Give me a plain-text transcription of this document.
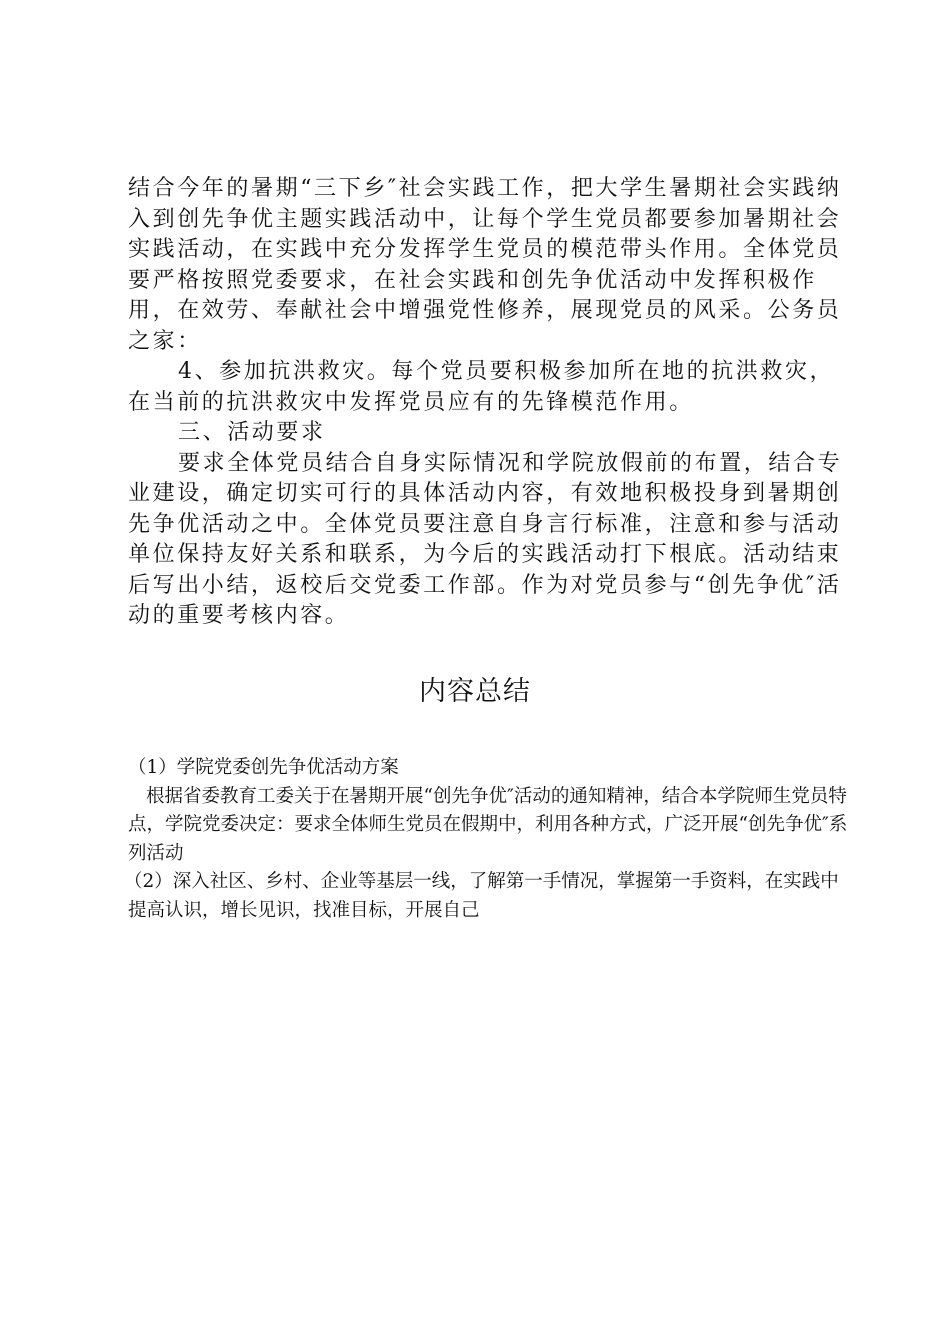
结合今年的暑期“三下乡″社会实践工作，把大学生暑期社会实践纳入到创先争优主题实践活动中，让每个学生党员都要参加暑期社会实践活动，在实践中充分发挥学生党员的模范带头作用。全体党员要严格按照党委要求，在社会实践和创先争优活动中发挥积极作用，在效劳、奉献社会中增强党性修养，展现党员的风采。公务员之家：

4、参加抗洪救灾。每个党员要积极参加所在地的抗洪救灾，在当前的抗洪救灾中发挥党员应有的先锋模范作用。

三、活动要求

要求全体党员结合自身实际情况和学院放假前的布置，结合专业建设，确定切实可行的具体活动内容，有效地积极投身到暑期创先争优活动之中。全体党员要注意自身言行标准，注意和参与活动单位保持友好关系和联系，为今后的实践活动打下根底。活动结束后写出小结，返校后交党委工作部。作为对党员参与“创先争优″活动的重要考核内容。

内容总结

（1）学院党委创先争优活动方案

根据省委教育工委关于在暑期开展“创先争优″活动的通知精神，结合本学院师生党员特点，学院党委决定：要求全体师生党员在假期中，利用各种方式，广泛开展“创先争优″系列活动

（2）深入社区、乡村、企业等基层一线，了解第一手情况，掌握第一手资料，在实践中提高认识，增长见识，找准目标，开展自己
